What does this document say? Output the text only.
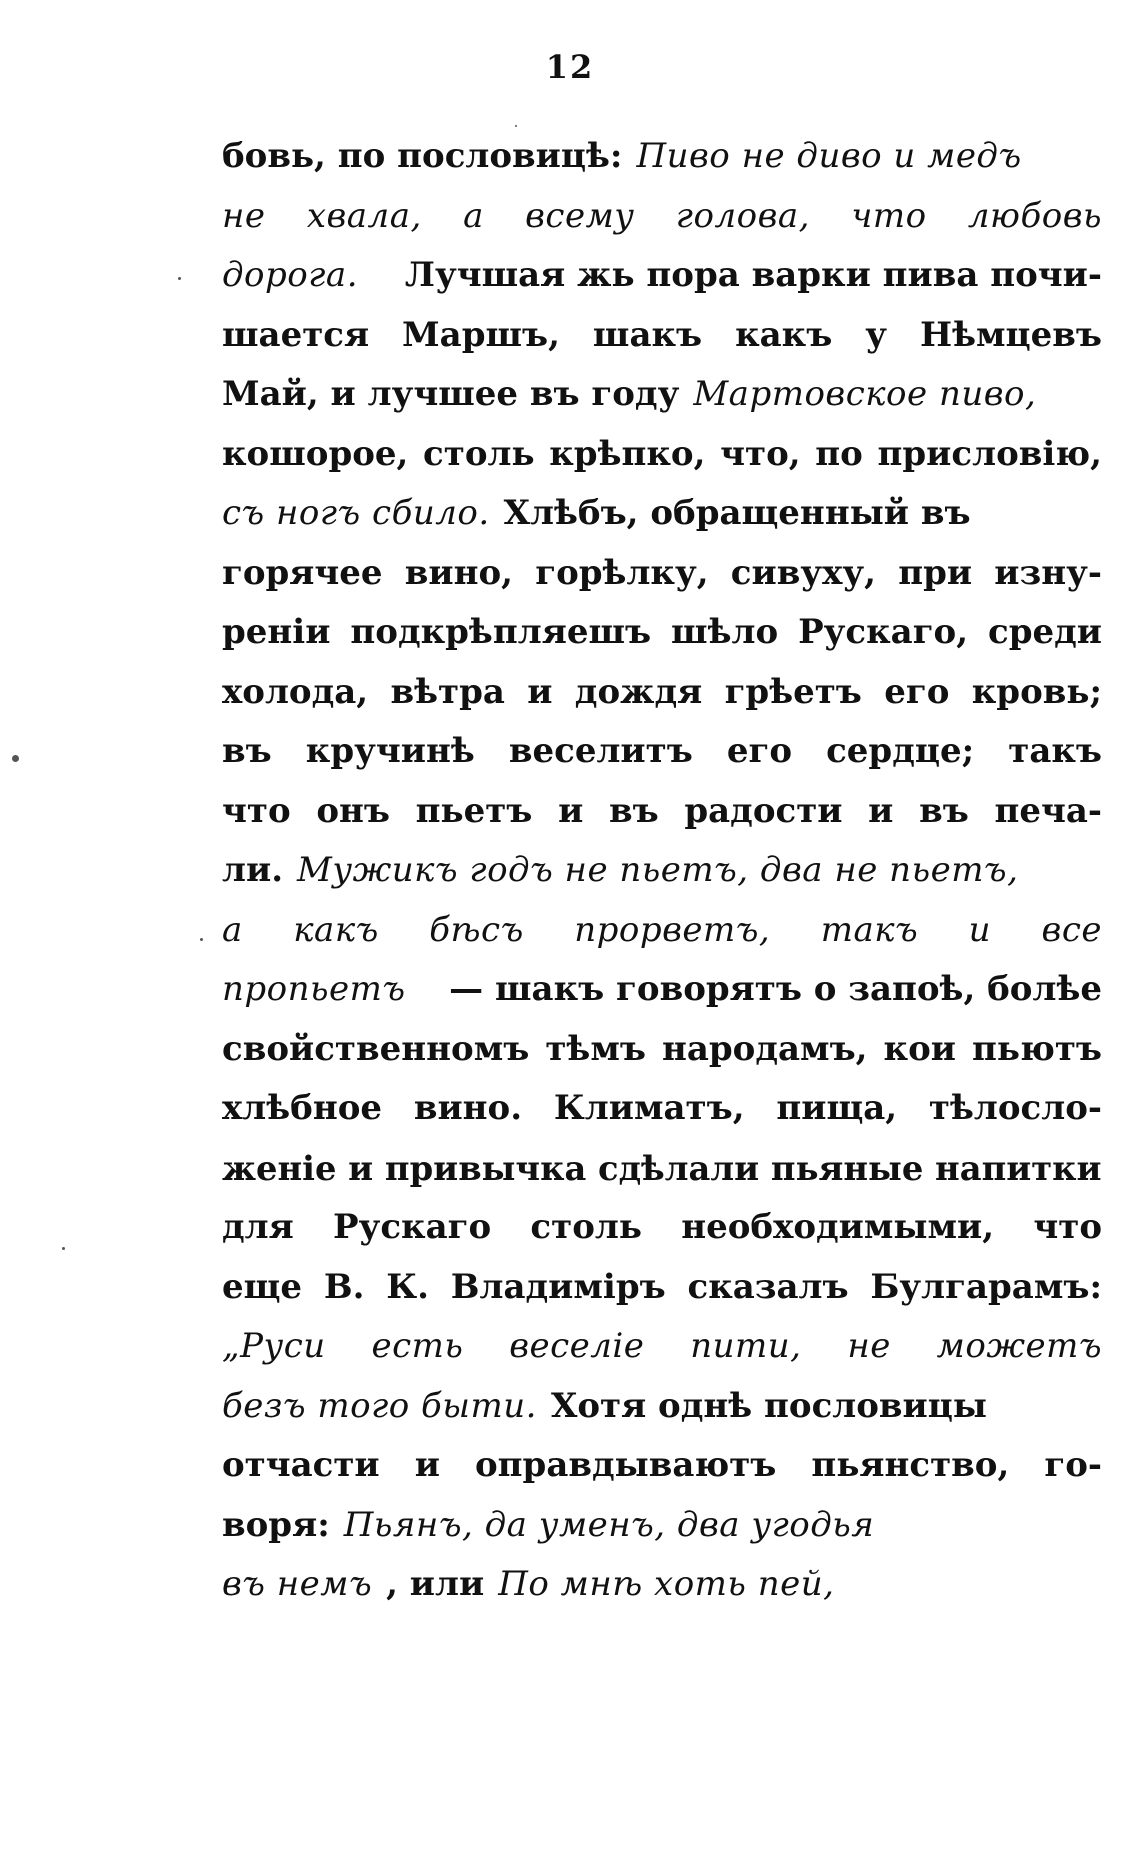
12
бовь, по пословицѣ: Пиво не диво и медъ
не хвала, а всему голова, что любовь
дорога. Лучшая жь пора варки пива почи-
шается Маршъ, шакъ какъ у Нѣмцевъ
Май, и лучшее въ году Мартовское пиво,
кошорое, столь крѣпко, что, по присловію,
съ ногъ сбило. Хлѣбъ, обращенный въ
горячее вино, горѣлку, сивуху, при изну-
реніи подкрѣпляешъ шѣло Рускаго, среди
холода, вѣтра и дождя грѣетъ его кровь;
въ кручинѣ веселитъ его сердце; такъ
что онъ пьетъ и въ радости и въ печа-
ли. Мужикъ годъ не пьетъ, два не пьетъ,
а какъ бѣсъ прорветъ, такъ и все
пропьетъ — шакъ говорятъ о запоѣ, болѣе
свойственномъ тѣмъ народамъ, кои пьютъ
хлѣбное вино. Климатъ, пища, тѣлосло-
женіе и привычка сдѣлали пьяные напитки
для Рускаго столь необходимыми, что
еще В. К. Владиміръ сказалъ Булгарамъ:
„Руси есть веселіе пити, не можетъ
безъ того быти. Хотя однѣ пословицы
отчасти и оправдываютъ пьянство, го-
воря: Пьянъ, да уменъ, два угодья
въ немъ , или По мнѣ хоть пей,
